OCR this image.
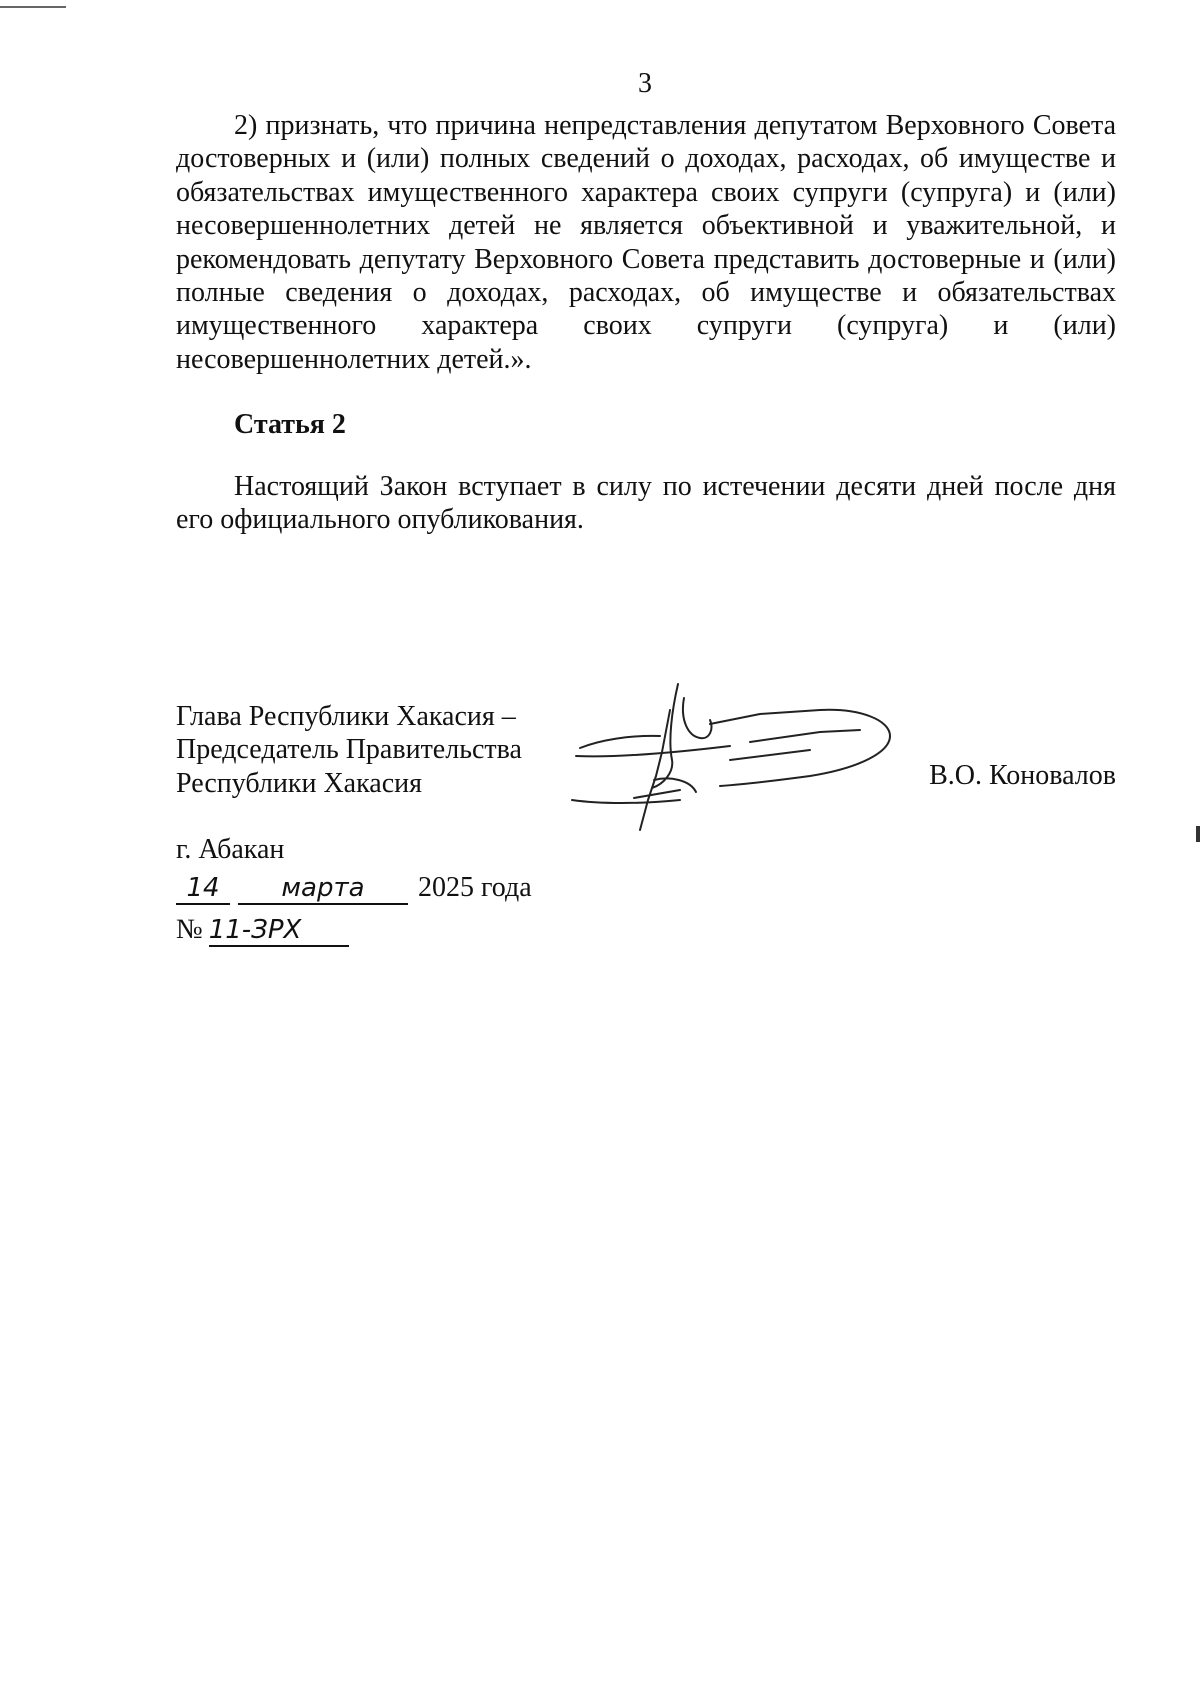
3

2) признать, что причина непредставления депутатом Верховного Совета достоверных и (или) полных сведений о доходах, расходах, об имуществе и обязательствах имущественного характера своих супруги (супруга) и (или) несовершеннолетних детей не является объективной и уважительной, и рекомендовать депутату Верховного Совета представить достоверные и (или) полные сведения о доходах, расходах, об имуществе и обязательствах имущественного характера своих супруги (супруга) и (или) несовершеннолетних детей.».

Статья 2

Настоящий Закон вступает в силу по истечении десяти дней после дня его официального опубликования.

Глава Республики Хакасия –
Председатель Правительства
Республики Хакасия	В.О. Коновалов
г. Абакан
14 марта 2025 года
№ 11-ЗРХ
